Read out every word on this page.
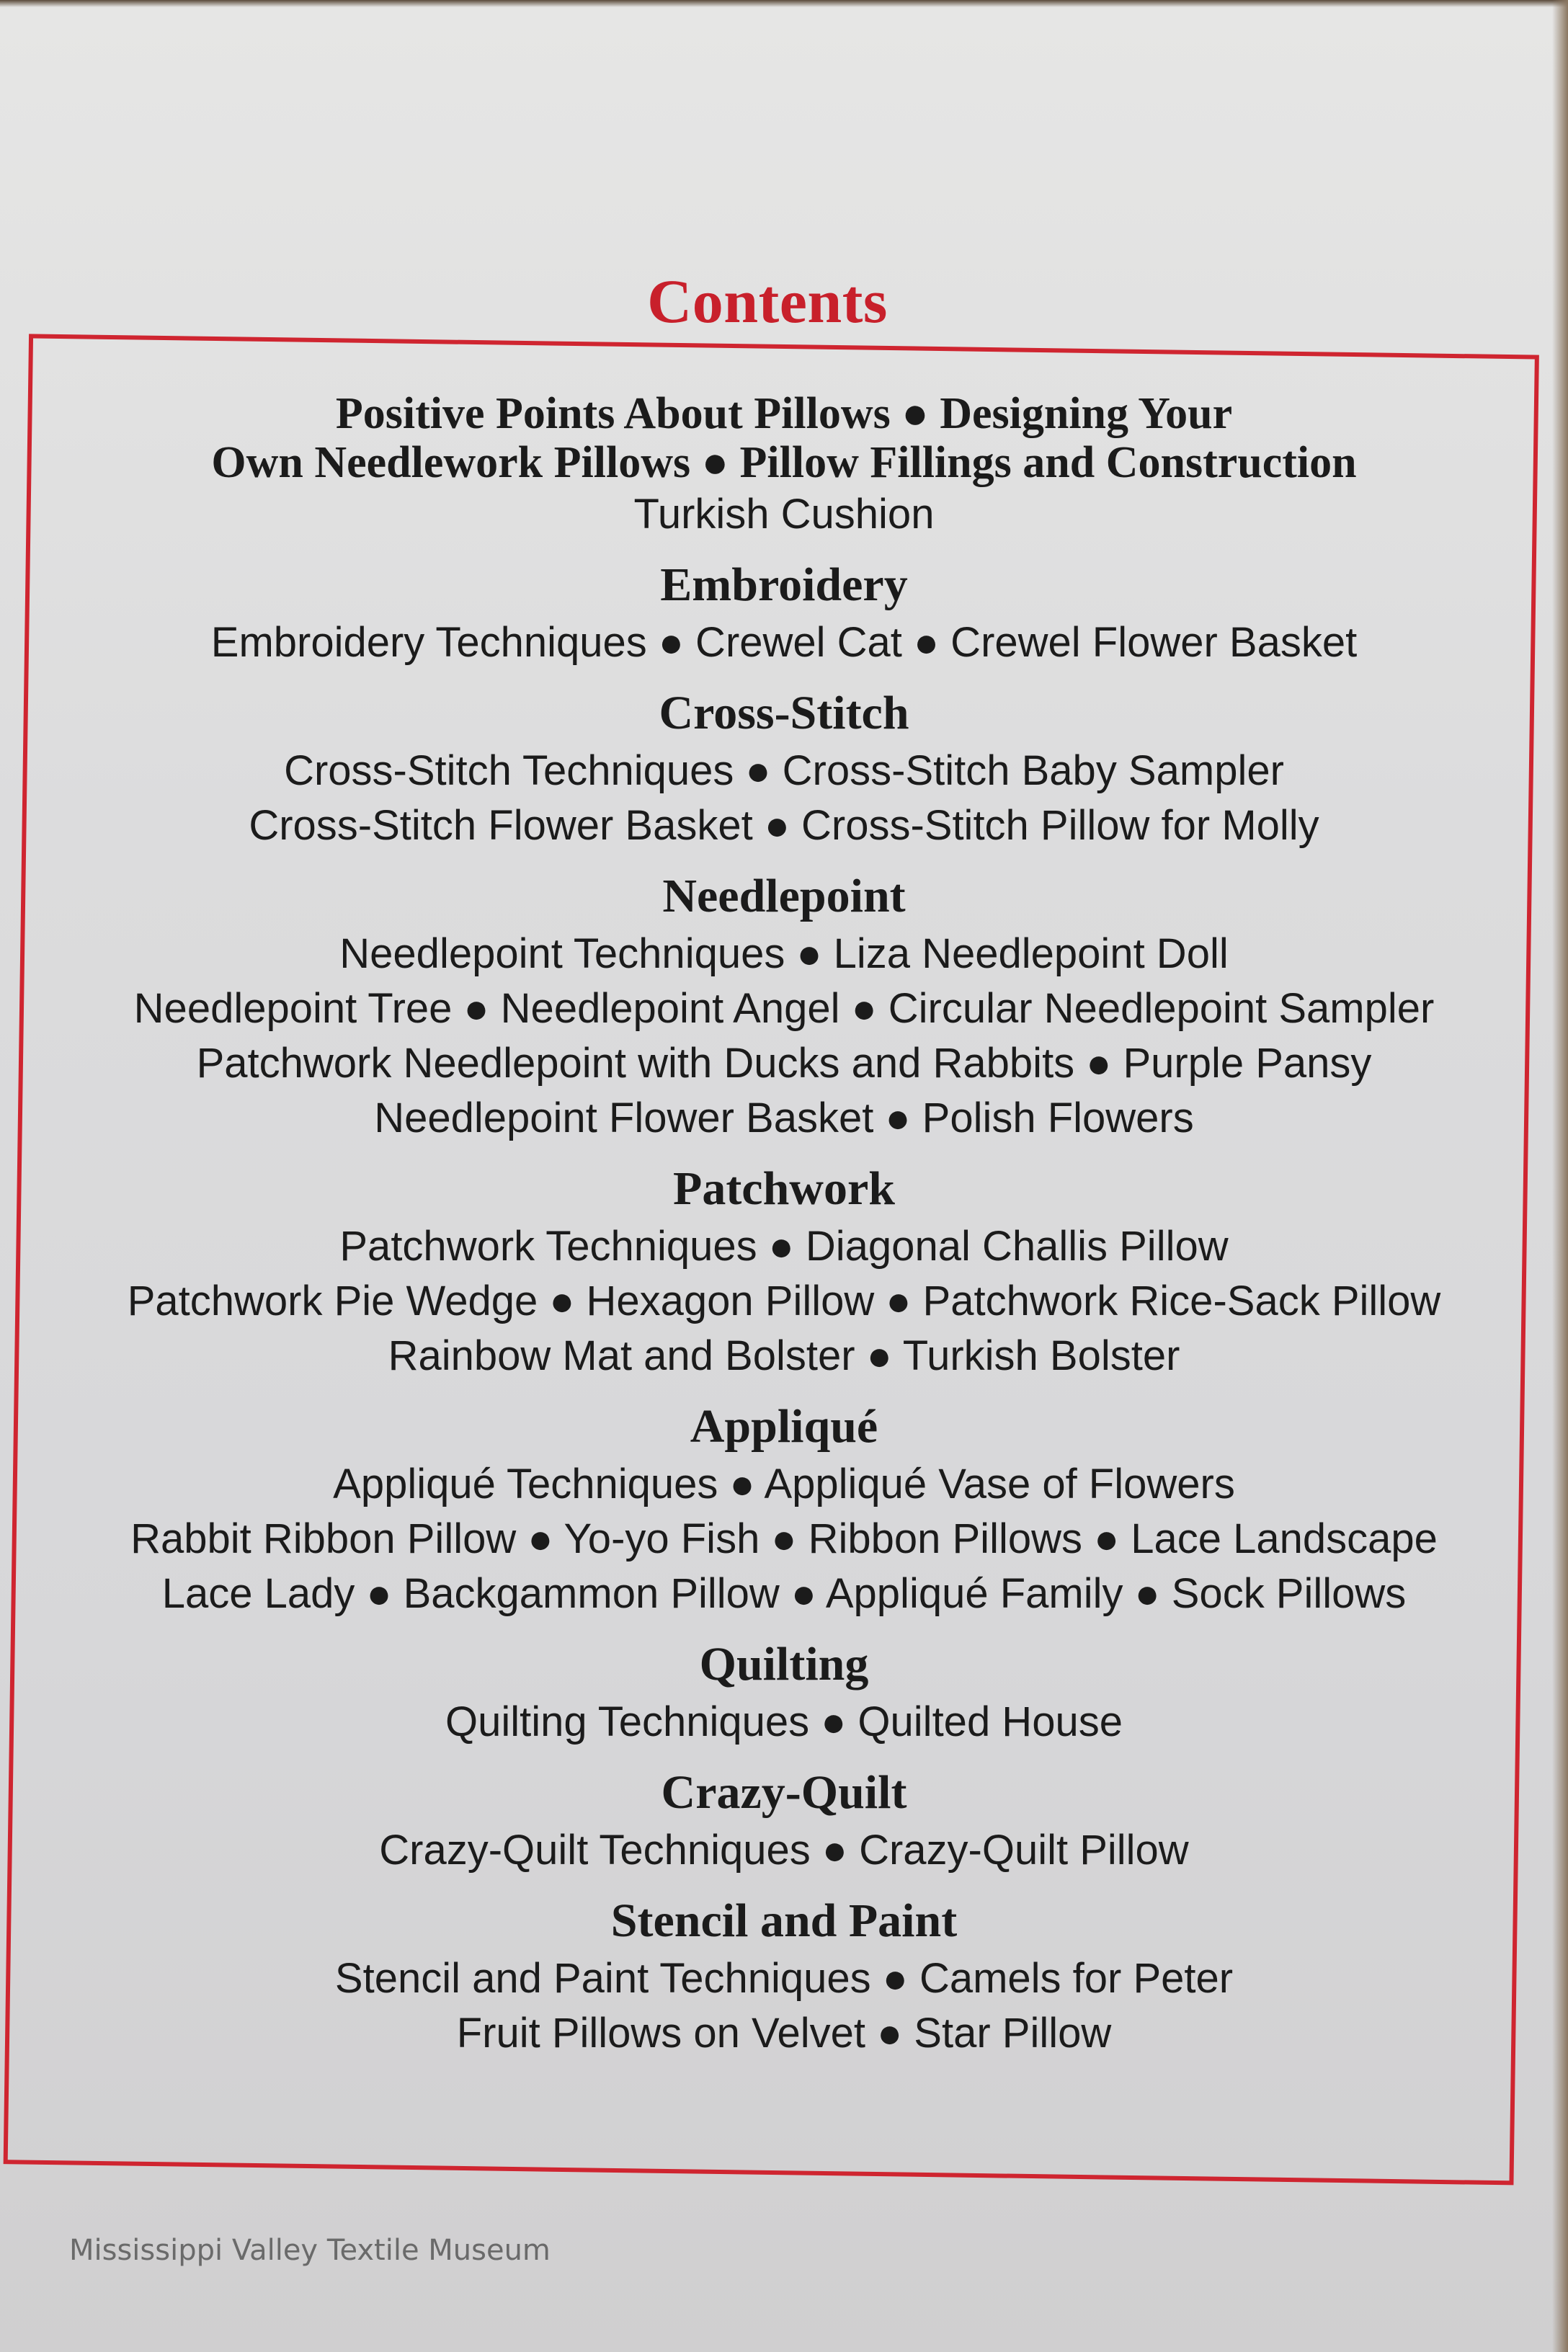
Contents
Positive Points About Pillows ● Designing Your
Own Needlework Pillows ● Pillow Fillings and Construction
Turkish Cushion
Embroidery
Embroidery Techniques ● Crewel Cat ● Crewel Flower Basket
Cross-Stitch
Cross-Stitch Techniques ● Cross-Stitch Baby Sampler
Cross-Stitch Flower Basket ● Cross-Stitch Pillow for Molly
Needlepoint
Needlepoint Techniques ● Liza Needlepoint Doll
Needlepoint Tree ● Needlepoint Angel ● Circular Needlepoint Sampler
Patchwork Needlepoint with Ducks and Rabbits ● Purple Pansy
Needlepoint Flower Basket ● Polish Flowers
Patchwork
Patchwork Techniques ● Diagonal Challis Pillow
Patchwork Pie Wedge ● Hexagon Pillow ● Patchwork Rice-Sack Pillow
Rainbow Mat and Bolster ● Turkish Bolster
Appliqué
Appliqué Techniques ● Appliqué Vase of Flowers
Rabbit Ribbon Pillow ● Yo-yo Fish ● Ribbon Pillows ● Lace Landscape
Lace Lady ● Backgammon Pillow ● Appliqué Family ● Sock Pillows
Quilting
Quilting Techniques ● Quilted House
Crazy-Quilt
Crazy-Quilt Techniques ● Crazy-Quilt Pillow
Stencil and Paint
Stencil and Paint Techniques ● Camels for Peter
Fruit Pillows on Velvet ● Star Pillow
Mississippi Valley Textile Museum
